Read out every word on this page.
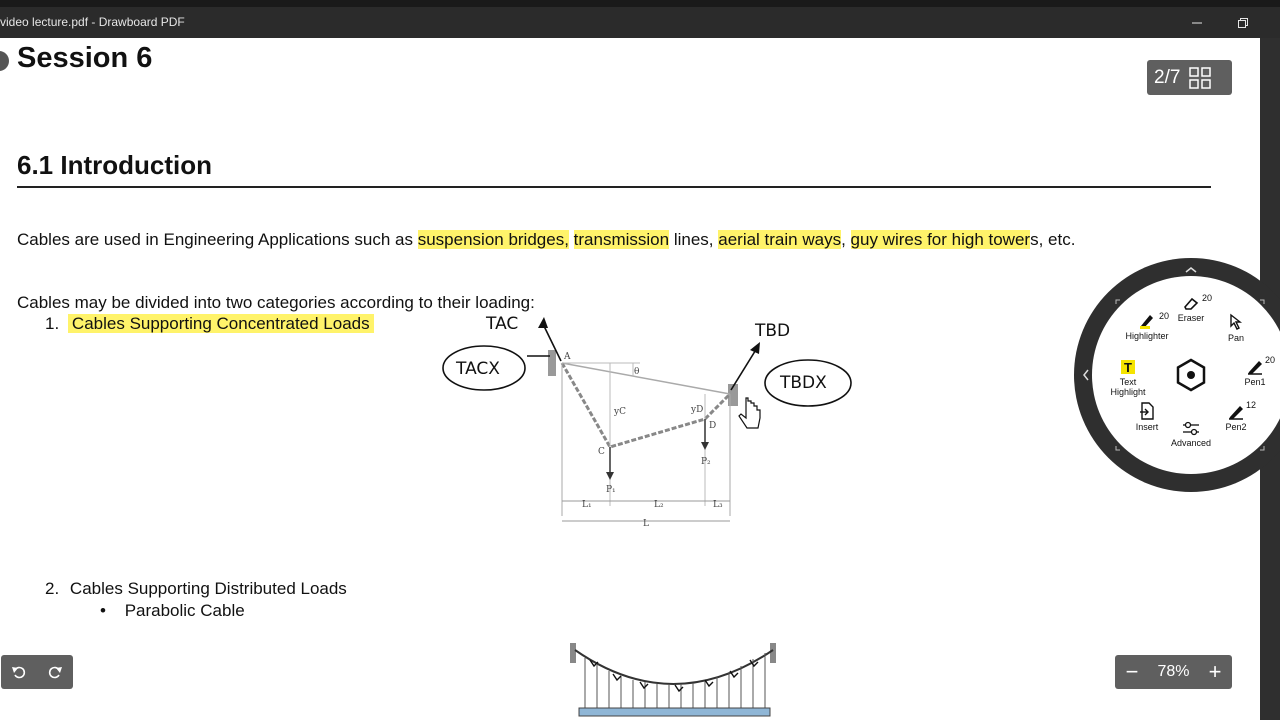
video lecture.pdf - Drawboard PDF
Session 6
6.1 Introduction
Cables are used in Engineering Applications such as suspension bridges, transmission lines, aerial train ways, guy wires for high towers, etc.
Cables may be divided into two categories according to their loading:
1. Cables Supporting Concentrated Loads
2. Cables Supporting Distributed Loads
• Parabolic Cable
A
C
D
P₁
P₂
yC	yD
θ
L₁	L₂	L₃
L
TACX
TAC
TBDX
TBD
2/7
−	78% +
Highlighter
20 Eraser
20
Pan
Pen1
20
Pen2
12
Advanced
Insert
T
Text
Highlight
